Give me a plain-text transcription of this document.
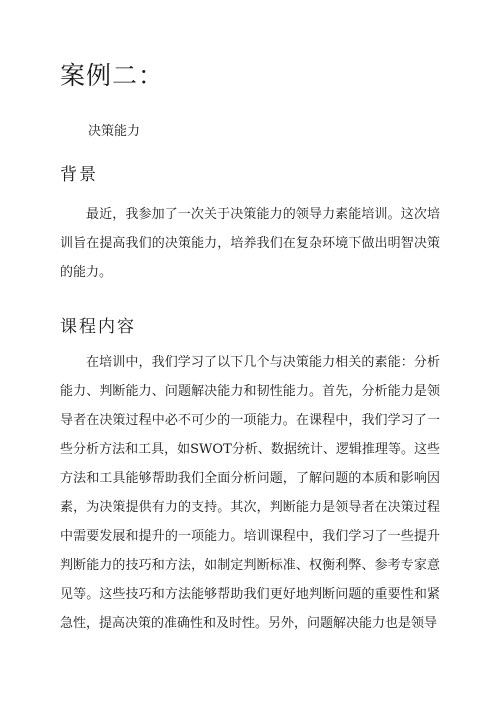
案例二：

决策能力

背景

最近，我参加了一次关于决策能力的领导力素能培训。这次培训旨在提高我们的决策能力，培养我们在复杂环境下做出明智决策的能力。

课程内容

在培训中，我们学习了以下几个与决策能力相关的素能：分析能力、判断能力、问题解决能力和韧性能力。首先，分析能力是领导者在决策过程中必不可少的一项能力。在课程中，我们学习了一些分析方法和工具，如SWOT分析、数据统计、逻辑推理等。这些方法和工具能够帮助我们全面分析问题，了解问题的本质和影响因素，为决策提供有力的支持。其次，判断能力是领导者在决策过程中需要发展和提升的一项能力。培训课程中，我们学习了一些提升判断能力的技巧和方法，如制定判断标准、权衡利弊、参考专家意见等。这些技巧和方法能够帮助我们更好地判断问题的重要性和紧急性，提高决策的准确性和及时性。另外，问题解决能力也是领导
